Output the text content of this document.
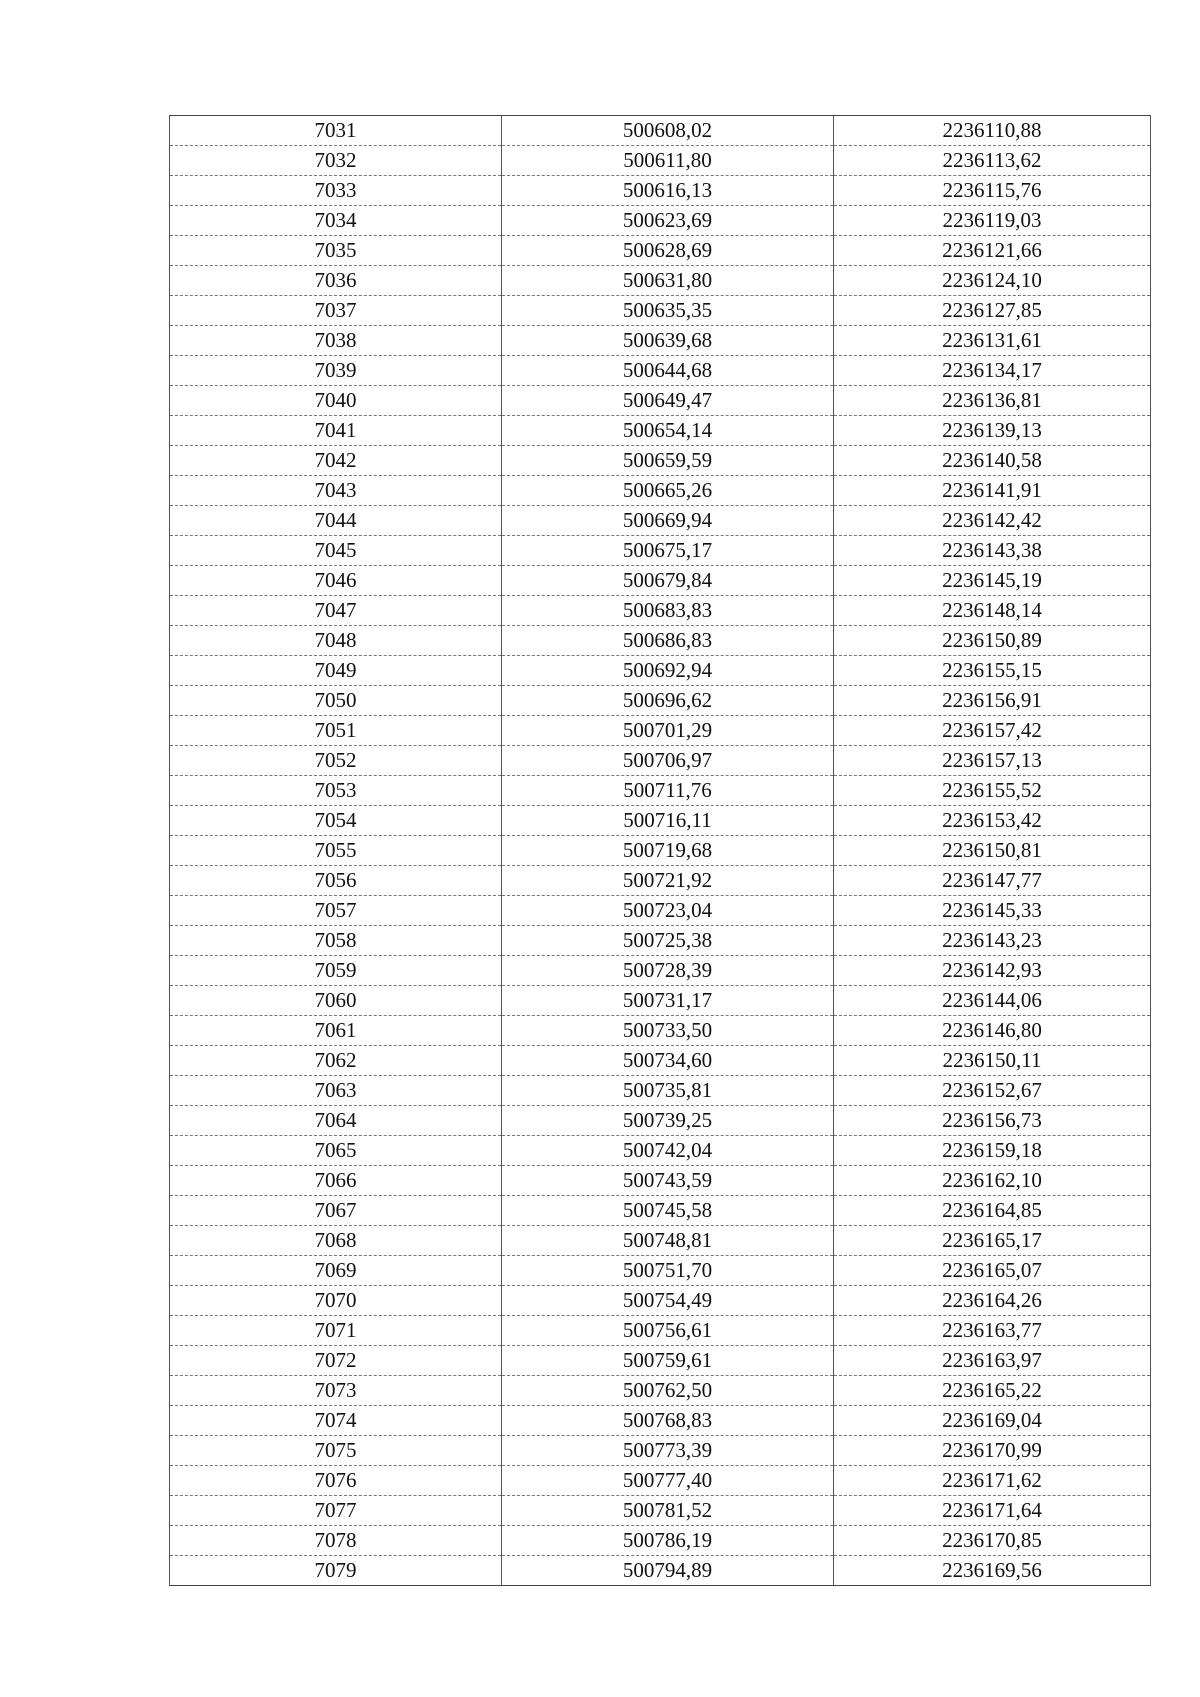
7031	500608,02	2236110,88
7032	500611,80	2236113,62
7033	500616,13	2236115,76
7034	500623,69	2236119,03
7035	500628,69	2236121,66
7036	500631,80	2236124,10
7037	500635,35	2236127,85
7038	500639,68	2236131,61
7039	500644,68	2236134,17
7040	500649,47	2236136,81
7041	500654,14	2236139,13
7042	500659,59	2236140,58
7043	500665,26	2236141,91
7044	500669,94	2236142,42
7045	500675,17	2236143,38
7046	500679,84	2236145,19
7047	500683,83	2236148,14
7048	500686,83	2236150,89
7049	500692,94	2236155,15
7050	500696,62	2236156,91
7051	500701,29	2236157,42
7052	500706,97	2236157,13
7053	500711,76	2236155,52
7054	500716,11	2236153,42
7055	500719,68	2236150,81
7056	500721,92	2236147,77
7057	500723,04	2236145,33
7058	500725,38	2236143,23
7059	500728,39	2236142,93
7060	500731,17	2236144,06
7061	500733,50	2236146,80
7062	500734,60	2236150,11
7063	500735,81	2236152,67
7064	500739,25	2236156,73
7065	500742,04	2236159,18
7066	500743,59	2236162,10
7067	500745,58	2236164,85
7068	500748,81	2236165,17
7069	500751,70	2236165,07
7070	500754,49	2236164,26
7071	500756,61	2236163,77
7072	500759,61	2236163,97
7073	500762,50	2236165,22
7074	500768,83	2236169,04
7075	500773,39	2236170,99
7076	500777,40	2236171,62
7077	500781,52	2236171,64
7078	500786,19	2236170,85
7079	500794,89	2236169,56
